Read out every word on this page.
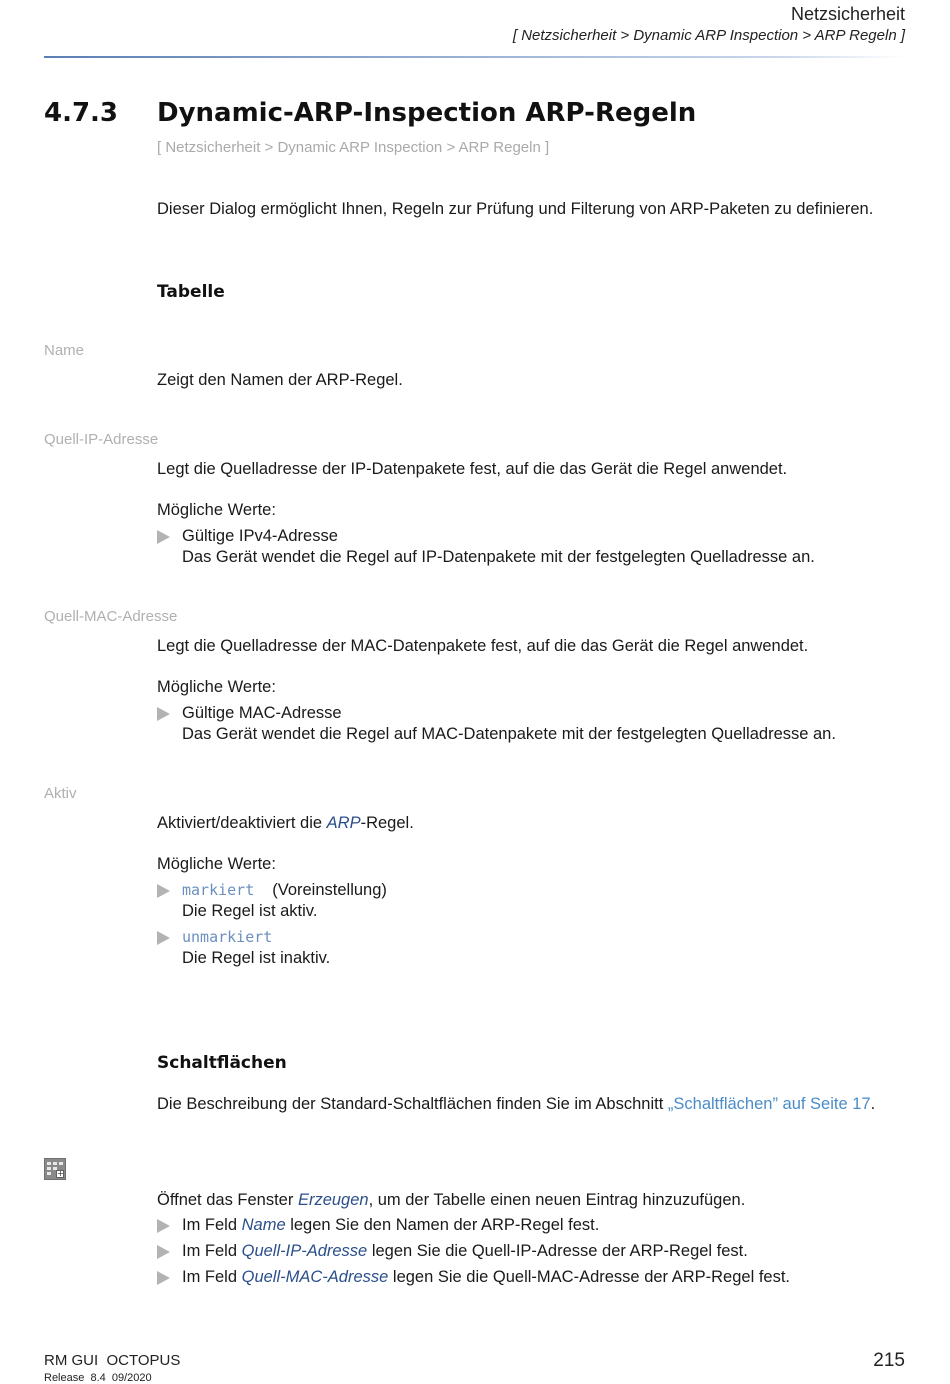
Netzsicherheit
[ Netzsicherheit > Dynamic ARP Inspection > ARP Regeln ]
4.7.3 Dynamic-ARP-Inspection ARP-Regeln
[ Netzsicherheit > Dynamic ARP Inspection > ARP Regeln ]
Dieser Dialog ermöglicht Ihnen, Regeln zur Prüfung und Filterung von ARP-Paketen zu definieren.
Tabelle
Name
Zeigt den Namen der ARP-Regel.
Quell-IP-Adresse
Legt die Quelladresse der IP-Datenpakete fest, auf die das Gerät die Regel anwendet.
Mögliche Werte:
Gültige IPv4-Adresse
Das Gerät wendet die Regel auf IP-Datenpakete mit der festgelegten Quelladresse an.
Quell-MAC-Adresse
Legt die Quelladresse der MAC-Datenpakete fest, auf die das Gerät die Regel anwendet.
Mögliche Werte:
Gültige MAC-Adresse
Das Gerät wendet die Regel auf MAC-Datenpakete mit der festgelegten Quelladresse an.
Aktiv
Aktiviert/deaktiviert die ARP-Regel.
Mögliche Werte:
markiert (Voreinstellung)
Die Regel ist aktiv.
unmarkiert
Die Regel ist inaktiv.
Schaltflächen
Die Beschreibung der Standard-Schaltflächen finden Sie im Abschnitt „Schaltflächen” auf Seite 17.
+
Öffnet das Fenster Erzeugen, um der Tabelle einen neuen Eintrag hinzuzufügen.
Im Feld Name legen Sie den Namen der ARP-Regel fest.
Im Feld Quell-IP-Adresse legen Sie die Quell-IP-Adresse der ARP-Regel fest.
Im Feld Quell-MAC-Adresse legen Sie die Quell-MAC-Adresse der ARP-Regel fest.
RM GUI  OCTOPUS
Release  8.4  09/2020
215
